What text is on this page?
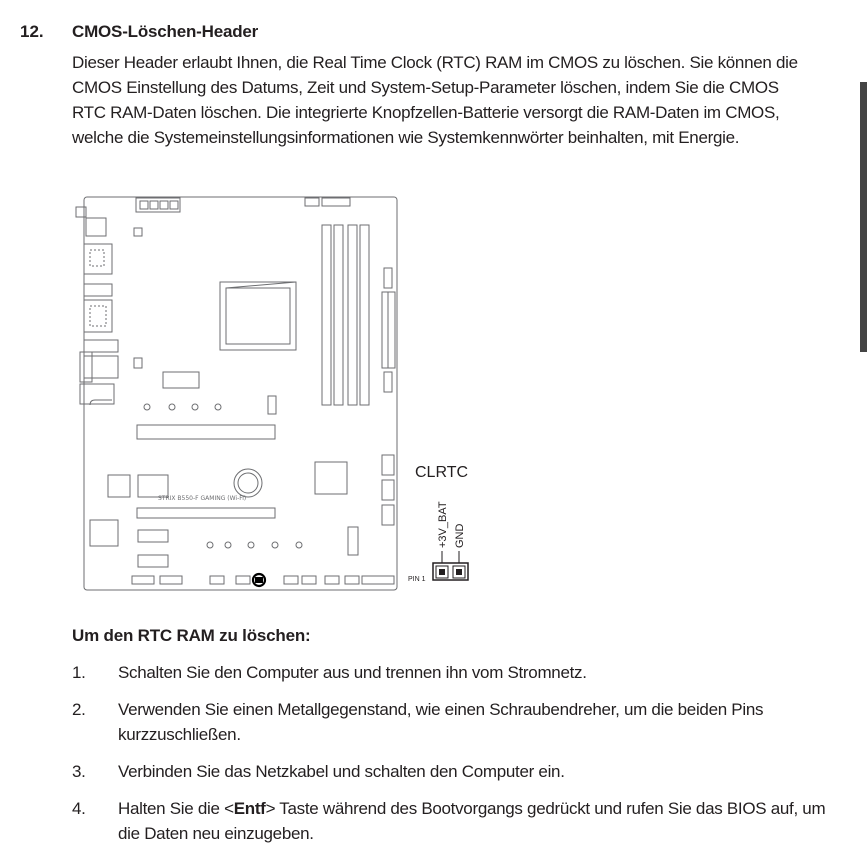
12. CMOS-Löschen-Header

Dieser Header erlaubt Ihnen, die Real Time Clock (RTC) RAM im CMOS zu löschen. Sie können die CMOS Einstellung des Datums, Zeit und System-Setup-Parameter löschen, indem Sie die CMOS RTC RAM-Daten löschen. Die integrierte Knopfzellen-Batterie versorgt die RAM-Daten im CMOS, welche die Systemeinstellungsinformationen wie Systemkennwörter beinhalten, mit Energie.

STRIX B550-F GAMING (Wi-Fi)
CLRTC
+3V_BAT GND
PIN 1
Um den RTC RAM zu löschen:
1. Schalten Sie den Computer aus und trennen ihn vom Stromnetz.
2. Verwenden Sie einen Metallgegenstand, wie einen Schraubendreher, um die beiden Pins kurzzuschließen.
3. Verbinden Sie das Netzkabel und schalten den Computer ein.
4. Halten Sie die <Entf> Taste während des Bootvorgangs gedrückt und rufen Sie das BIOS auf, um die Daten neu einzugeben.
